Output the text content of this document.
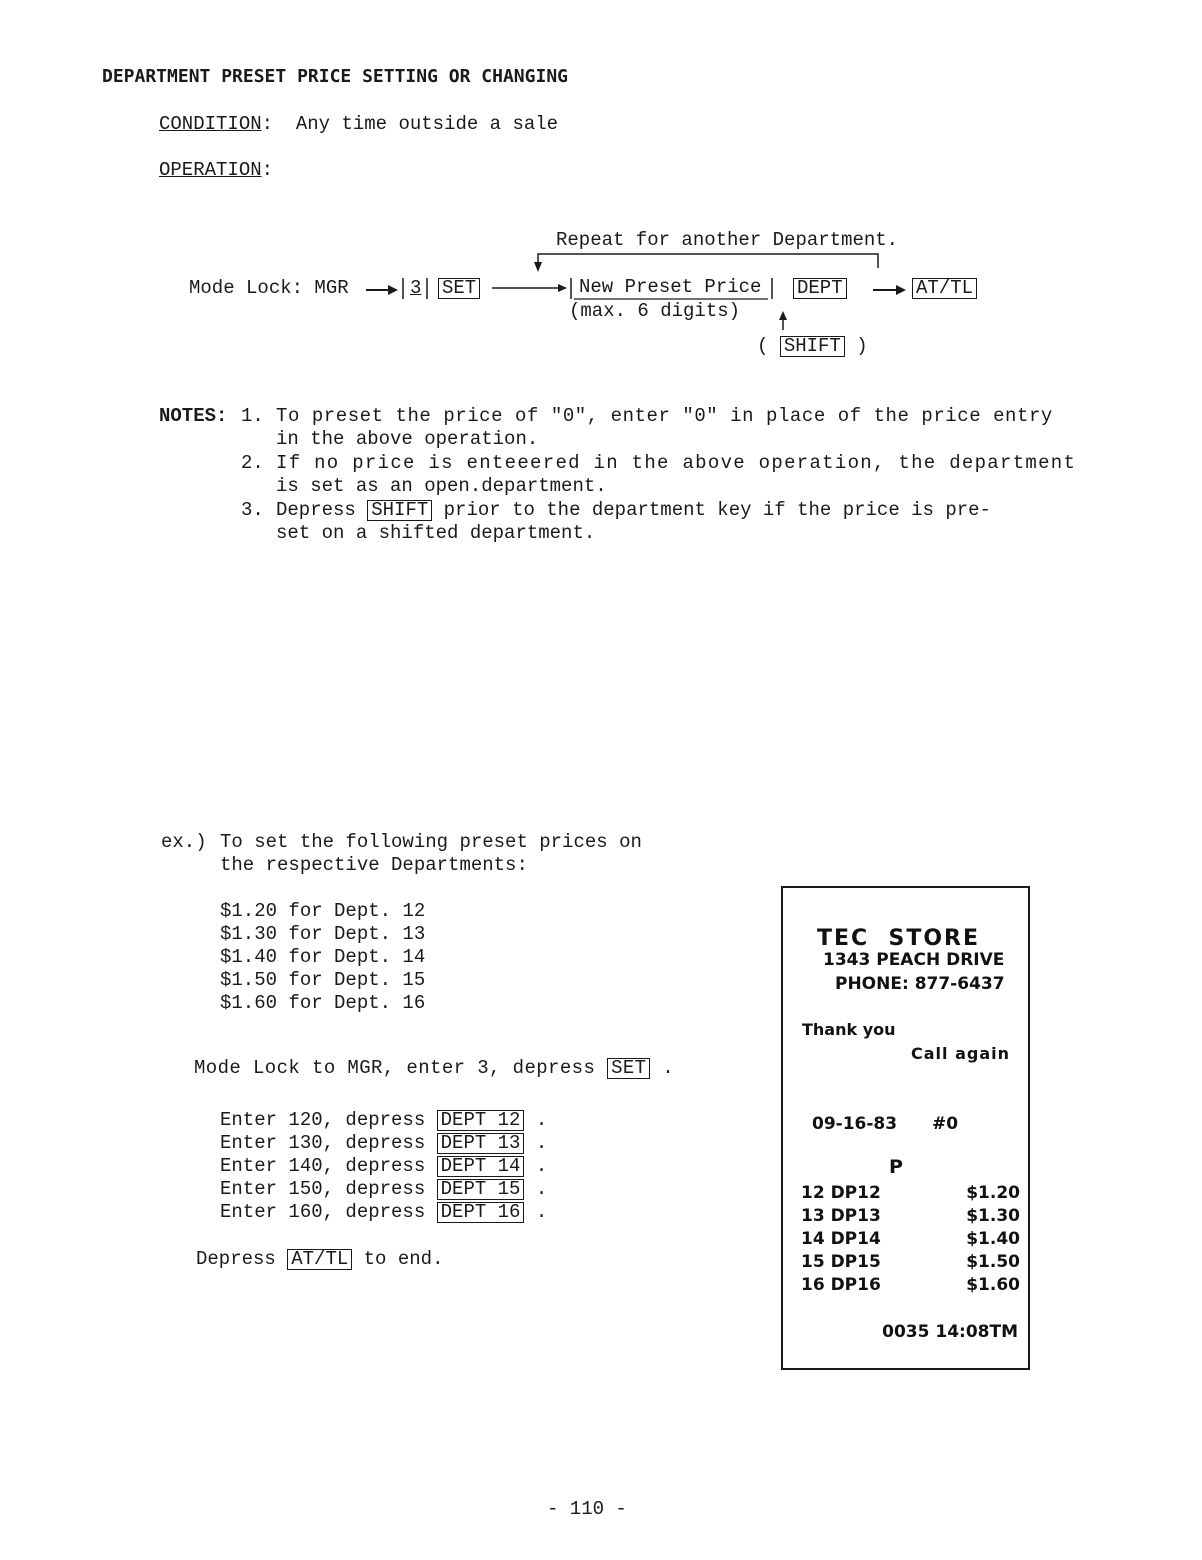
DEPARTMENT PRESET PRICE SETTING OR CHANGING
CONDITION: Any time outside a sale
OPERATION:
Repeat for another Department.
Mode Lock: MGR	3 SET	New Preset Price
(max. 6 digits)
DEPT	AT/TL
( SHIFT )
NOTES: 1. To preset the price of "0", enter "0" in place of the price entry
in the above operation.
2. If no price is enteeered in the above operation, the department
is set as an open.department.
3. Depress SHIFT prior to the department key if the price is pre-
set on a shifted department.
ex.) To set the following preset prices on
the respective Departments:
$1.20 for Dept. 12
$1.30 for Dept. 13
$1.40 for Dept. 14
$1.50 for Dept. 15
$1.60 for Dept. 16
Mode Lock to MGR, enter 3, depress SET .
Enter 120, depress DEPT 12 .
Enter 130, depress DEPT 13 .
Enter 140, depress DEPT 14 .
Enter 150, depress DEPT 15 .
Enter 160, depress DEPT 16 .
Depress AT/TL to end.
TEC  STORE
1343 PEACH DRIVE
PHONE: 877-6437
Thank you
Call again
09-16-83 #0
P
12 DP12	$1.20
13 DP13	$1.30
14 DP14	$1.40
15 DP15	$1.50
16 DP16	$1.60
0035 14:08TM
- 110 -
